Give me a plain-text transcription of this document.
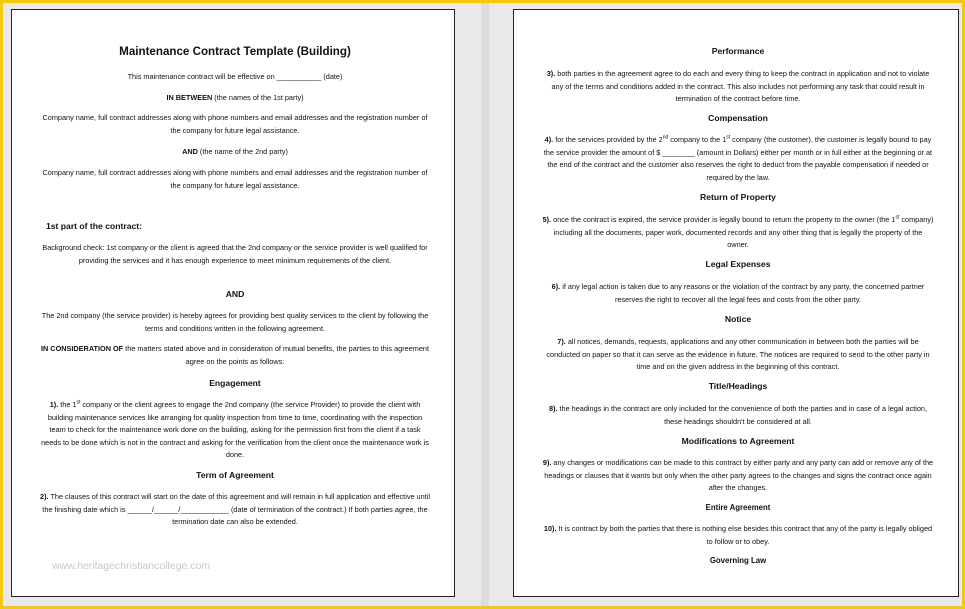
Maintenance Contract Template (Building)

This maintenance contract will be effective on ___________ (date)

IN BETWEEN (the names of the 1st party)

Company name, full contract addresses along with phone numbers and email addresses and the registration number of the company for future legal assistance.

AND (the name of the 2nd party)

Company name, full contract addresses along with phone numbers and email addresses and the registration number of the company for future legal assistance.

1st part of the contract:

Background check: 1st company or the client is agreed that the 2nd company or the service provider is well qualified for providing the services and it has enough experience to meet minimum requirements of the client.

AND

The 2nd company (the service provider) is hereby agrees for providing best quality services to the client by following the terms and conditions written in the following agreement.

IN CONSIDERATION OF the matters stated above and in consideration of mutual benefits, the parties to this agreement agree on the points as follows:

Engagement

1). the 1st company or the client agrees to engage the 2nd company (the service Provider) to provide the client with building maintenance services like arranging for quality inspection from time to time, coordinating with the inspection team to check for the maintenance work done on the building, asking for the permission first from the client if a task needs to be done which is not in the contract and asking for the verification from the client once the maintenance work is done.

Term of Agreement

2). The clauses of this contract will start on the date of this agreement and will remain in full application and effective until the finishing date which is ______/______/____________ (date of termination of the contract.) If both parties agree, the termination date can also be extended.

www.heritagechristiancollege.com

Performance

3). both parties in the agreement agree to do each and every thing to keep the contract in application and not to violate any of the terms and conditions added in the contract. This also includes not performing any task that could result in termination of the contract before time.

Compensation

4). for the services provided by the 2nd company to the 1st company (the customer), the customer is legally bound to pay the service provider the amount of $ ________ (amount in Dollars) either per month or in full either at the beginning or at the end of the contract and the customer also reserves the right to deduct from the payable compensation if needed or required by the law.

Return of Property

5). once the contract is expired, the service provider is legally bound to return the property to the owner (the 1st company) including all the documents, paper work, documented records and any other thing that is legally the property of the owner.

Legal Expenses

6). if any legal action is taken due to any reasons or the violation of the contract by any party, the concerned partner reserves the right to recover all the legal fees and costs from the other party.

Notice

7). all notices, demands, requests, applications and any other communication in between both the parties will be conducted on paper so that it can serve as the evidence in future. The notices are required to send to the other party in time and on the given address in the beginning of this contract.

Title/Headings

8). the headings in the contract are only included for the convenience of both the parties and in case of a legal action, these headings shouldn't be considered at all.

Modifications to Agreement

9). any changes or modifications can be made to this contract by either party and any party can add or remove any of the headings or clauses that it wants but only when the other party agrees to the changes and signs the contract once again after the changes.

Entire Agreement

10). It is contract by both the parties that there is nothing else besides this contract that any of the party is legally obliged to follow or to obey.

Governing Law
